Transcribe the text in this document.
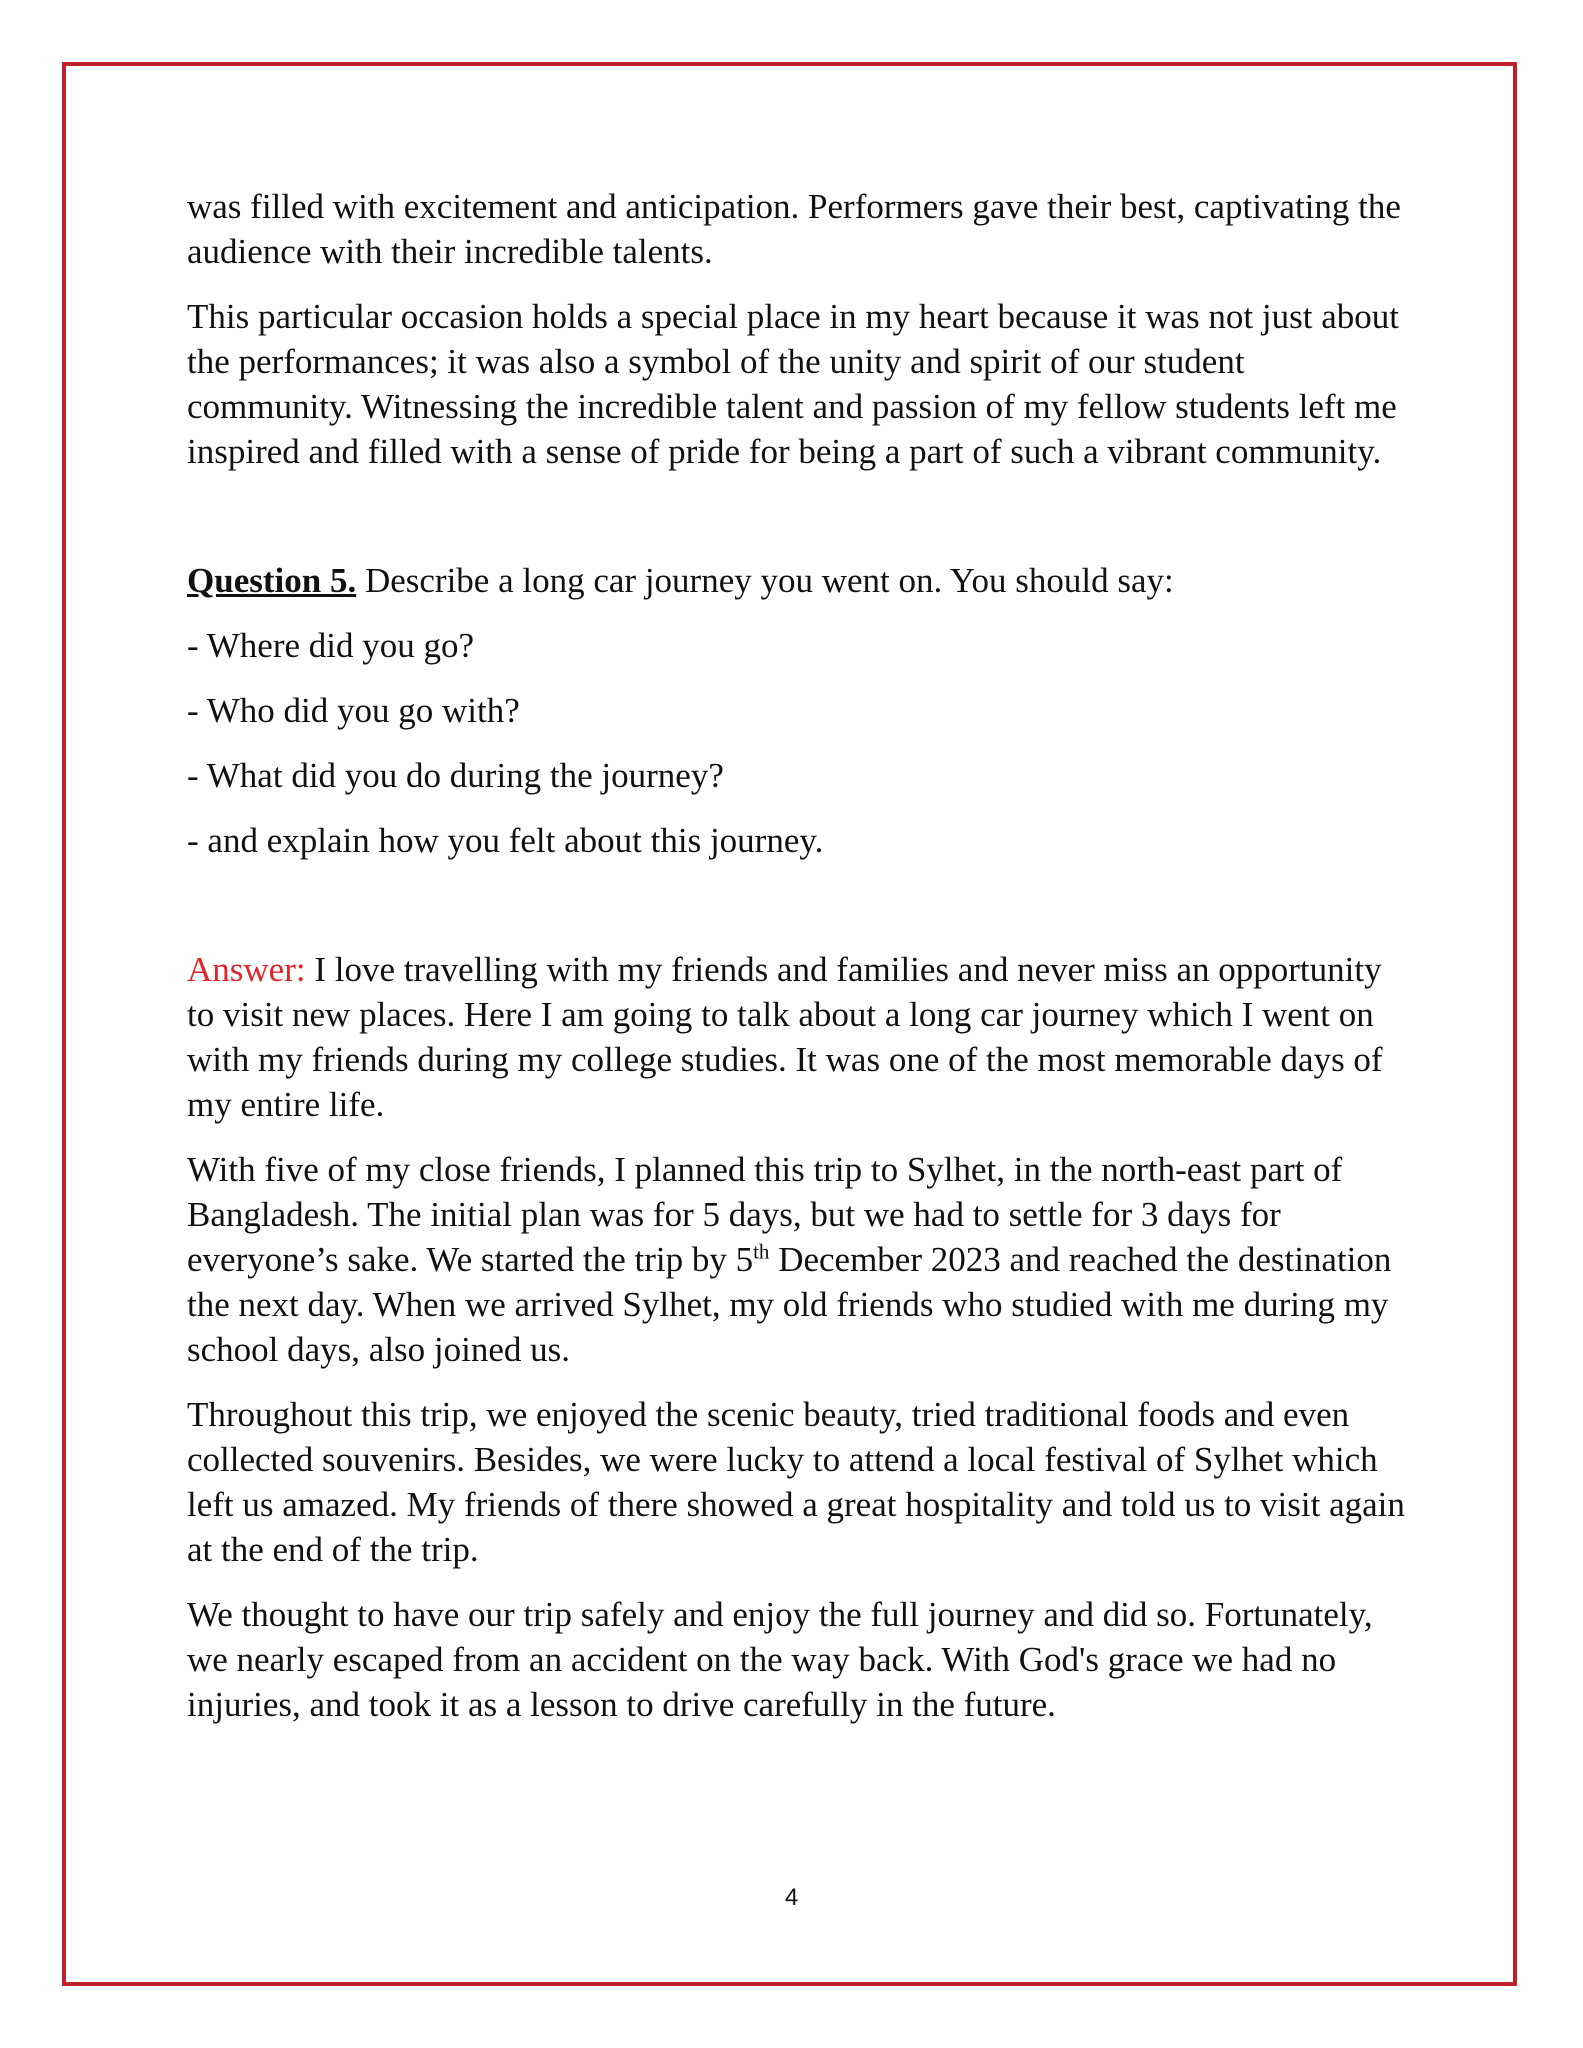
was filled with excitement and anticipation. Performers gave their best, captivating the audience with their incredible talents.

This particular occasion holds a special place in my heart because it was not just about the performances; it was also a symbol of the unity and spirit of our student community. Witnessing the incredible talent and passion of my fellow students left me inspired and filled with a sense of pride for being a part of such a vibrant community.

Question 5. Describe a long car journey you went on. You should say:

- Where did you go?

- Who did you go with?

- What did you do during the journey?

- and explain how you felt about this journey.

Answer: I love travelling with my friends and families and never miss an opportunity to visit new places. Here I am going to talk about a long car journey which I went on with my friends during my college studies. It was one of the most memorable days of my entire life.

With five of my close friends, I planned this trip to Sylhet, in the north-east part of Bangladesh. The initial plan was for 5 days, but we had to settle for 3 days for everyone’s sake. We started the trip by 5th December 2023 and reached the destination the next day. When we arrived Sylhet, my old friends who studied with me during my school days, also joined us.

Throughout this trip, we enjoyed the scenic beauty, tried traditional foods and even collected souvenirs. Besides, we were lucky to attend a local festival of Sylhet which left us amazed. My friends of there showed a great hospitality and told us to visit again at the end of the trip.

We thought to have our trip safely and enjoy the full journey and did so. Fortunately, we nearly escaped from an accident on the way back. With God's grace we had no injuries, and took it as a lesson to drive carefully in the future.

4
